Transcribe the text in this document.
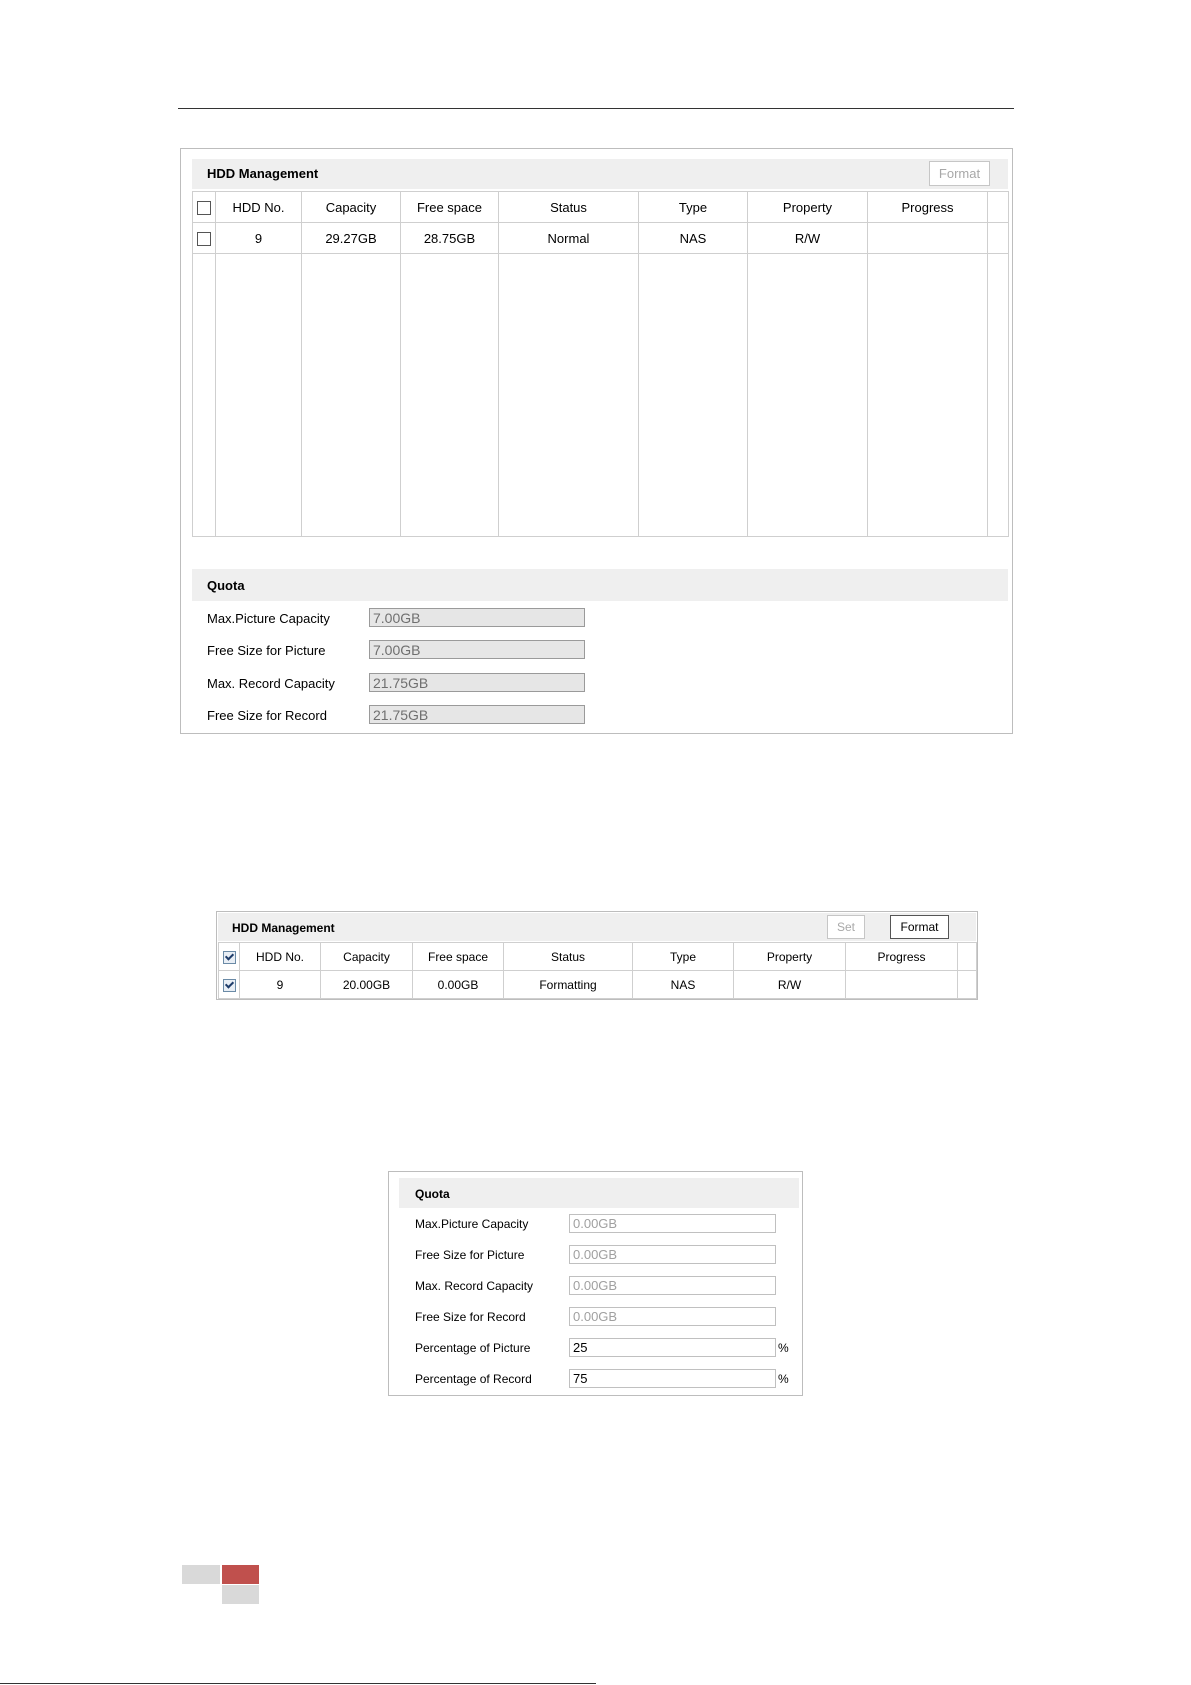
HDD Management	Format
	HDD No.	Capacity	Free space	Status	Type	Property	Progress	
	9	29.27GB	28.75GB	Normal	NAS	R/W		

Quota
Max.Picture Capacity	7.00GB
Free Size for Picture	7.00GB
Max. Record Capacity	21.75GB
Free Size for Record	21.75GB
HDD Management	Set	Format
	HDD No.	Capacity	Free space	Status	Type	Property	Progress	
	9	20.00GB	0.00GB	Formatting	NAS	R/W		
Quota
Max.Picture Capacity	0.00GB
Free Size for Picture	0.00GB
Max. Record Capacity	0.00GB
Free Size for Record	0.00GB
Percentage of Picture	25	%
Percentage of Record	75	%
